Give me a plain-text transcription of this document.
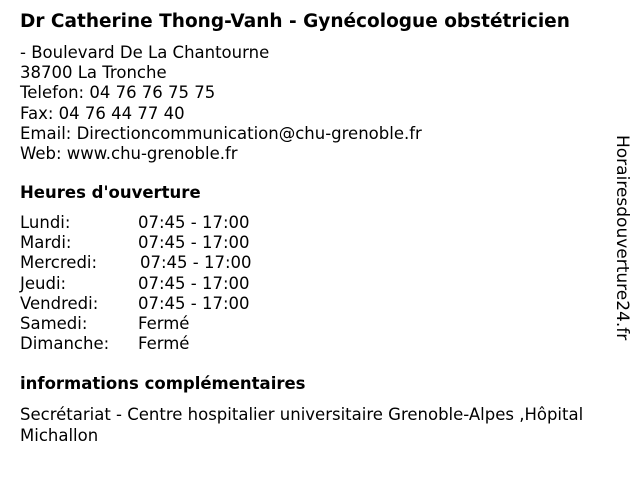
Dr Catherine Thong-Vanh - Gynécologue obstétricien
- Boulevard De La Chantourne
38700 La Tronche
Telefon: 04 76 76 75 75
Fax: 04 76 44 77 40
Email: Directioncommunication@chu-grenoble.fr
Web: www.chu-grenoble.fr
Heures d'ouverture
Lundi:	07:45 - 17:00
Mardi:	07:45 - 17:00
Mercredi:	07:45 - 17:00
Jeudi:	07:45 - 17:00
Vendredi:	07:45 - 17:00
Samedi:	Fermé
Dimanche:	Fermé
informations complémentaires
Secrétariat - Centre hospitalier universitaire Grenoble-Alpes ,Hôpital Michallon
Horairesdouverture24.fr
